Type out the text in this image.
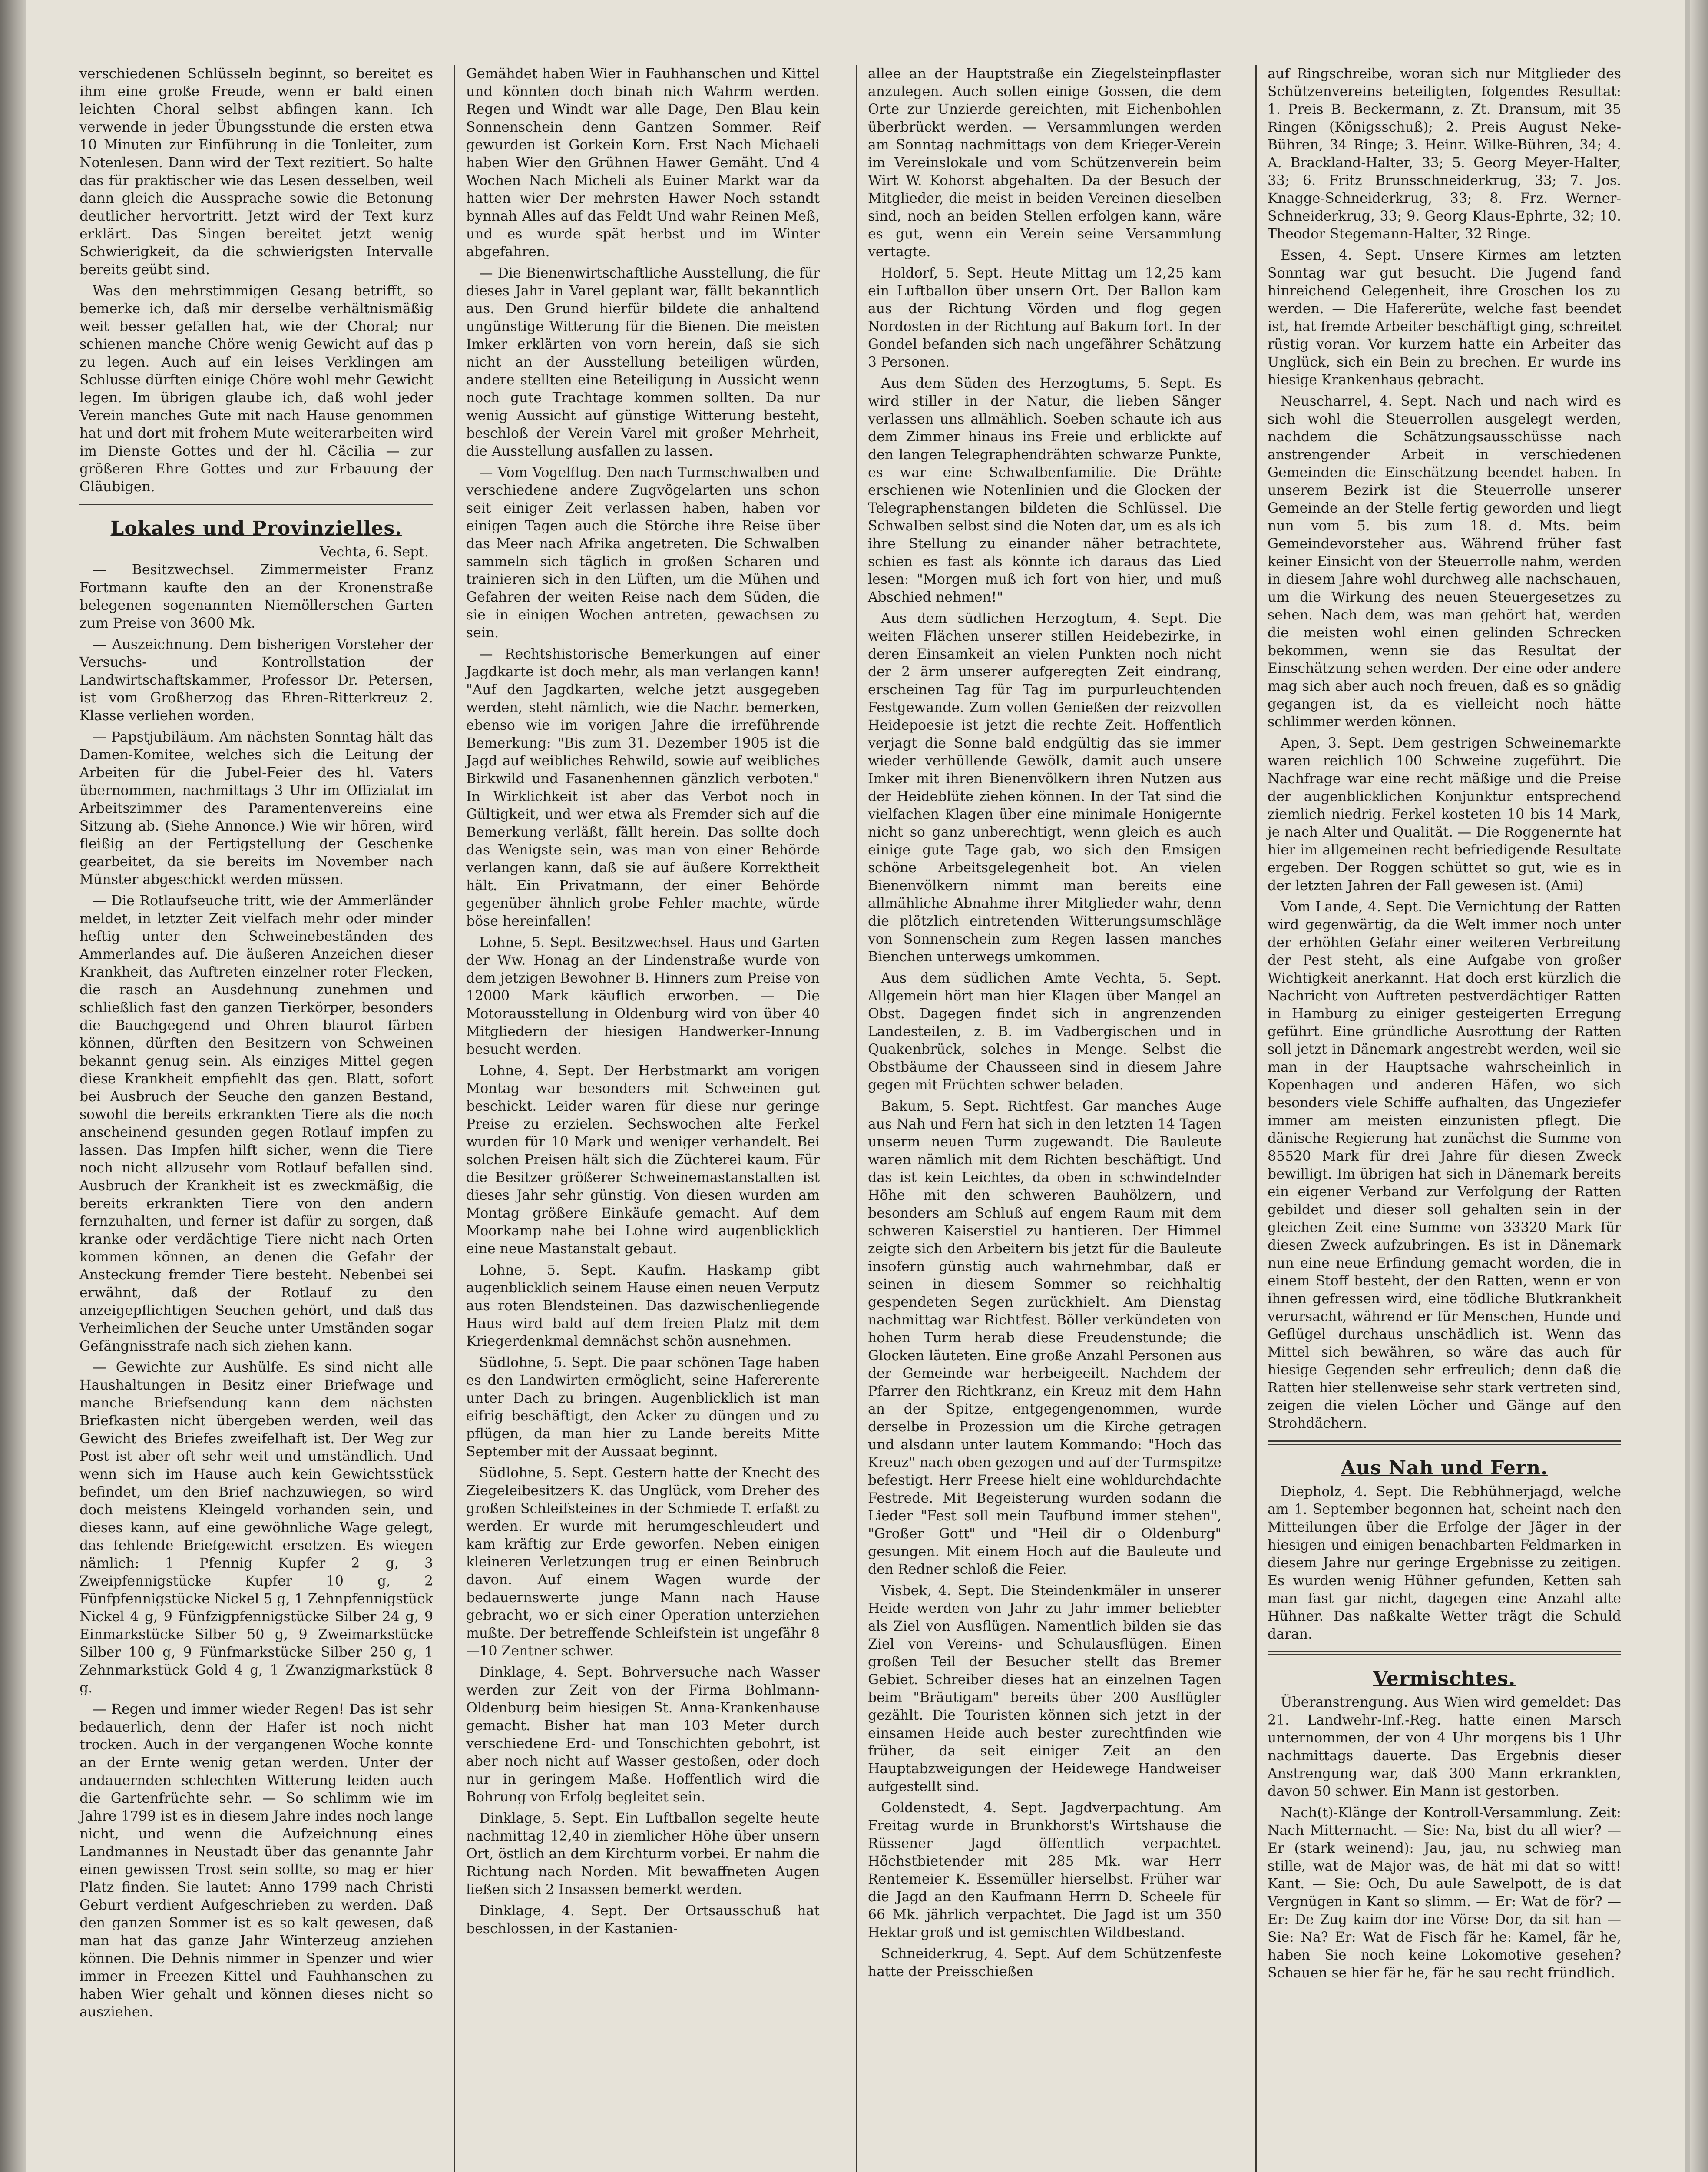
verschiedenen Schlüsseln beginnt, so bereitet es ihm eine große Freude, wenn er bald einen leichten Choral selbst abfingen kann. Ich verwende in jeder Übungsstunde die ersten etwa 10 Minuten zur Einführung in die Tonleiter, zum Notenlesen. Dann wird der Text rezitiert. So halte das für praktischer wie das Lesen desselben, weil dann gleich die Aussprache sowie die Betonung deutlicher hervortritt. Jetzt wird der Text kurz erklärt. Das Singen bereitet jetzt wenig Schwierigkeit, da die schwierigsten Intervalle bereits geübt sind.

Was den mehrstimmigen Gesang betrifft, so bemerke ich, daß mir derselbe verhältnismäßig weit besser gefallen hat, wie der Choral; nur schienen manche Chöre wenig Gewicht auf das p zu legen. Auch auf ein leises Verklingen am Schlusse dürften einige Chöre wohl mehr Gewicht legen. Im übrigen glaube ich, daß wohl jeder Verein manches Gute mit nach Hause genommen hat und dort mit frohem Mute weiterarbeiten wird im Dienste Gottes und der hl. Cäcilia — zur größeren Ehre Gottes und zur Erbauung der Gläubigen.

Lokales und Provinzielles.
Vechta, 6. Sept.

— Besitzwechsel. Zimmermeister Franz Fortmann kaufte den an der Kronenstraße belegenen sogenannten Niemöllerschen Garten zum Preise von 3600 Mk.

— Auszeichnung. Dem bisherigen Vorsteher der Versuchs- und Kontrollstation der Landwirtschaftskammer, Professor Dr. Petersen, ist vom Großherzog das Ehren-Ritterkreuz 2. Klasse verliehen worden.

— Papstjubiläum. Am nächsten Sonntag hält das Damen-Komitee, welches sich die Leitung der Arbeiten für die Jubel-Feier des hl. Vaters übernommen, nachmittags 3 Uhr im Offizialat im Arbeitszimmer des Paramentenvereins eine Sitzung ab. (Siehe Annonce.) Wie wir hören, wird fleißig an der Fertigstellung der Geschenke gearbeitet, da sie bereits im November nach Münster abgeschickt werden müssen.

— Die Rotlaufseuche tritt, wie der Ammerländer meldet, in letzter Zeit vielfach mehr oder minder heftig unter den Schweinebeständen des Ammerlandes auf. Die äußeren Anzeichen dieser Krankheit, das Auftreten einzelner roter Flecken, die rasch an Ausdehnung zunehmen und schließlich fast den ganzen Tierkörper, besonders die Bauchgegend und Ohren blaurot färben können, dürften den Besitzern von Schweinen bekannt genug sein. Als einziges Mittel gegen diese Krankheit empfiehlt das gen. Blatt, sofort bei Ausbruch der Seuche den ganzen Bestand, sowohl die bereits erkrankten Tiere als die noch anscheinend gesunden gegen Rotlauf impfen zu lassen. Das Impfen hilft sicher, wenn die Tiere noch nicht allzusehr vom Rotlauf befallen sind. Ausbruch der Krankheit ist es zweckmäßig, die bereits erkrankten Tiere von den andern fernzuhalten, und ferner ist dafür zu sorgen, daß kranke oder verdächtige Tiere nicht nach Orten kommen können, an denen die Gefahr der Ansteckung fremder Tiere besteht. Nebenbei sei erwähnt, daß der Rotlauf zu den anzeigepflichtigen Seuchen gehört, und daß das Verheimlichen der Seuche unter Umständen sogar Gefängnisstrafe nach sich ziehen kann.

— Gewichte zur Aushülfe. Es sind nicht alle Haushaltungen in Besitz einer Briefwage und manche Briefsendung kann dem nächsten Briefkasten nicht übergeben werden, weil das Gewicht des Briefes zweifelhaft ist. Der Weg zur Post ist aber oft sehr weit und umständlich. Und wenn sich im Hause auch kein Gewichtsstück befindet, um den Brief nachzuwiegen, so wird doch meistens Kleingeld vorhanden sein, und dieses kann, auf eine gewöhnliche Wage gelegt, das fehlende Briefgewicht ersetzen. Es wiegen nämlich: 1 Pfennig Kupfer 2 g, 3 Zweipfennigstücke Kupfer 10 g, 2 Fünfpfennigstücke Nickel 5 g, 1 Zehnpfennigstück Nickel 4 g, 9 Fünfzigpfennigstücke Silber 24 g, 9 Einmarkstücke Silber 50 g, 9 Zweimarkstücke Silber 100 g, 9 Fünfmarkstücke Silber 250 g, 1 Zehnmarkstück Gold 4 g, 1 Zwanzigmarkstück 8 g.

— Regen und immer wieder Regen! Das ist sehr bedauerlich, denn der Hafer ist noch nicht trocken. Auch in der vergangenen Woche konnte an der Ernte wenig getan werden. Unter der andauernden schlechten Witterung leiden auch die Gartenfrüchte sehr. — So schlimm wie im Jahre 1799 ist es in diesem Jahre indes noch lange nicht, und wenn die Aufzeichnung eines Landmannes in Neustadt über das genannte Jahr einen gewissen Trost sein sollte, so mag er hier Platz finden. Sie lautet: Anno 1799 nach Christi Geburt verdient Aufgeschrieben zu werden. Daß den ganzen Sommer ist es so kalt gewesen, daß man hat das ganze Jahr Winterzeug anziehen können. Die Dehnis nimmer in Spenzer und wier immer in Freezen Kittel und Fauhhanschen zu haben Wier gehalt und können dieses nicht so ausziehen.

Gemähdet haben Wier in Fauhhanschen und Kittel und könnten doch binah nich Wahrm werden. Regen und Windt war alle Dage, Den Blau kein Sonnenschein denn Gantzen Sommer. Reif gewurden ist Gorkein Korn. Erst Nach Michaeli haben Wier den Grühnen Hawer Gemäht. Und 4 Wochen Nach Micheli als Euiner Markt war da hatten wier Der mehrsten Hawer Noch sstandt bynnah Alles auf das Feldt Und wahr Reinen Meß, und es wurde spät herbst und im Winter abgefahren.

— Die Bienenwirtschaftliche Ausstellung, die für dieses Jahr in Varel geplant war, fällt bekanntlich aus. Den Grund hierfür bildete die anhaltend ungünstige Witterung für die Bienen. Die meisten Imker erklärten von vorn herein, daß sie sich nicht an der Ausstellung beteiligen würden, andere stellten eine Beteiligung in Aussicht wenn noch gute Trachtage kommen sollten. Da nur wenig Aussicht auf günstige Witterung besteht, beschloß der Verein Varel mit großer Mehrheit, die Ausstellung ausfallen zu lassen.

— Vom Vogelflug. Den nach Turmschwalben und verschiedene andere Zugvögelarten uns schon seit einiger Zeit verlassen haben, haben vor einigen Tagen auch die Störche ihre Reise über das Meer nach Afrika angetreten. Die Schwalben sammeln sich täglich in großen Scharen und trainieren sich in den Lüften, um die Mühen und Gefahren der weiten Reise nach dem Süden, die sie in einigen Wochen antreten, gewachsen zu sein.

— Rechtshistorische Bemerkungen auf einer Jagdkarte ist doch mehr, als man verlangen kann! "Auf den Jagdkarten, welche jetzt ausgegeben werden, steht nämlich, wie die Nachr. bemerken, ebenso wie im vorigen Jahre die irreführende Bemerkung: "Bis zum 31. Dezember 1905 ist die Jagd auf weibliches Rehwild, sowie auf weibliches Birkwild und Fasanenhennen gänzlich verboten." In Wirklichkeit ist aber das Verbot noch in Gültigkeit, und wer etwa als Fremder sich auf die Bemerkung verläßt, fällt herein. Das sollte doch das Wenigste sein, was man von einer Behörde verlangen kann, daß sie auf äußere Korrektheit hält. Ein Privatmann, der einer Behörde gegenüber ähnlich grobe Fehler machte, würde böse hereinfallen!

Lohne, 5. Sept. Besitzwechsel. Haus und Garten der Ww. Honag an der Lindenstraße wurde von dem jetzigen Bewohner B. Hinners zum Preise von 12000 Mark käuflich erworben. — Die Motorausstellung in Oldenburg wird von über 40 Mitgliedern der hiesigen Handwerker-Innung besucht werden.

Lohne, 4. Sept. Der Herbstmarkt am vorigen Montag war besonders mit Schweinen gut beschickt. Leider waren für diese nur geringe Preise zu erzielen. Sechswochen alte Ferkel wurden für 10 Mark und weniger verhandelt. Bei solchen Preisen hält sich die Züchterei kaum. Für die Besitzer größerer Schweinemastanstalten ist dieses Jahr sehr günstig. Von diesen wurden am Montag größere Einkäufe gemacht. Auf dem Moorkamp nahe bei Lohne wird augenblicklich eine neue Mastanstalt gebaut.

Lohne, 5. Sept. Kaufm. Haskamp gibt augenblicklich seinem Hause einen neuen Verputz aus roten Blendsteinen. Das dazwischenliegende Haus wird bald auf dem freien Platz mit dem Kriegerdenkmal demnächst schön ausnehmen.

Südlohne, 5. Sept. Die paar schönen Tage haben es den Landwirten ermöglicht, seine Hafererente unter Dach zu bringen. Augenblicklich ist man eifrig beschäftigt, den Acker zu düngen und zu pflügen, da man hier zu Lande bereits Mitte September mit der Aussaat beginnt.

Südlohne, 5. Sept. Gestern hatte der Knecht des Ziegeleibesitzers K. das Unglück, vom Dreher des großen Schleifsteines in der Schmiede T. erfaßt zu werden. Er wurde mit herumgeschleudert und kam kräftig zur Erde geworfen. Neben einigen kleineren Verletzungen trug er einen Beinbruch davon. Auf einem Wagen wurde der bedauernswerte junge Mann nach Hause gebracht, wo er sich einer Operation unterziehen mußte. Der betreffende Schleifstein ist ungefähr 8—10 Zentner schwer.

Dinklage, 4. Sept. Bohrversuche nach Wasser werden zur Zeit von der Firma Bohlmann-Oldenburg beim hiesigen St. Anna-Krankenhause gemacht. Bisher hat man 103 Meter durch verschiedene Erd- und Tonschichten gebohrt, ist aber noch nicht auf Wasser gestoßen, oder doch nur in geringem Maße. Hoffentlich wird die Bohrung von Erfolg begleitet sein.

Dinklage, 5. Sept. Ein Luftballon segelte heute nachmittag 12,40 in ziemlicher Höhe über unsern Ort, östlich an dem Kirchturm vorbei. Er nahm die Richtung nach Norden. Mit bewaffneten Augen ließen sich 2 Insassen bemerkt werden.

Dinklage, 4. Sept. Der Ortsausschuß hat beschlossen, in der Kastanien-

allee an der Hauptstraße ein Ziegelsteinpflaster anzulegen. Auch sollen einige Gossen, die dem Orte zur Unzierde gereichten, mit Eichenbohlen überbrückt werden. — Versammlungen werden am Sonntag nachmittags von dem Krieger-Verein im Vereinslokale und vom Schützenverein beim Wirt W. Kohorst abgehalten. Da der Besuch der Mitglieder, die meist in beiden Vereinen dieselben sind, noch an beiden Stellen erfolgen kann, wäre es gut, wenn ein Verein seine Versammlung vertagte.

Holdorf, 5. Sept. Heute Mittag um 12,25 kam ein Luftballon über unsern Ort. Der Ballon kam aus der Richtung Vörden und flog gegen Nordosten in der Richtung auf Bakum fort. In der Gondel befanden sich nach ungefährer Schätzung 3 Personen.

Aus dem Süden des Herzogtums, 5. Sept. Es wird stiller in der Natur, die lieben Sänger verlassen uns allmählich. Soeben schaute ich aus dem Zimmer hinaus ins Freie und erblickte auf den langen Telegraphendrähten schwarze Punkte, es war eine Schwalbenfamilie. Die Drähte erschienen wie Notenlinien und die Glocken der Telegraphenstangen bildeten die Schlüssel. Die Schwalben selbst sind die Noten dar, um es als ich ihre Stellung zu einander näher betrachtete, schien es fast als könnte ich daraus das Lied lesen: "Morgen muß ich fort von hier, und muß Abschied nehmen!"

Aus dem südlichen Herzogtum, 4. Sept. Die weiten Flächen unserer stillen Heidebezirke, in deren Einsamkeit an vielen Punkten noch nicht der 2 ärm unserer aufgeregten Zeit eindrang, erscheinen Tag für Tag im purpurleuchtenden Festgewande. Zum vollen Genießen der reizvollen Heidepoesie ist jetzt die rechte Zeit. Hoffentlich verjagt die Sonne bald endgültig das sie immer wieder verhüllende Gewölk, damit auch unsere Imker mit ihren Bienenvölkern ihren Nutzen aus der Heideblüte ziehen können. In der Tat sind die vielfachen Klagen über eine minimale Honigernte nicht so ganz unberechtigt, wenn gleich es auch einige gute Tage gab, wo sich den Emsigen schöne Arbeitsgelegenheit bot. An vielen Bienenvölkern nimmt man bereits eine allmähliche Abnahme ihrer Mitglieder wahr, denn die plötzlich eintretenden Witterungsumschläge von Sonnenschein zum Regen lassen manches Bienchen unterwegs umkommen.

Aus dem südlichen Amte Vechta, 5. Sept. Allgemein hört man hier Klagen über Mangel an Obst. Dagegen findet sich in angrenzenden Landesteilen, z. B. im Vadbergischen und in Quakenbrück, solches in Menge. Selbst die Obstbäume der Chausseen sind in diesem Jahre gegen mit Früchten schwer beladen.

Bakum, 5. Sept. Richtfest. Gar manches Auge aus Nah und Fern hat sich in den letzten 14 Tagen unserm neuen Turm zugewandt. Die Bauleute waren nämlich mit dem Richten beschäftigt. Und das ist kein Leichtes, da oben in schwindelnder Höhe mit den schweren Bauhölzern, und besonders am Schluß auf engem Raum mit dem schweren Kaiserstiel zu hantieren. Der Himmel zeigte sich den Arbeitern bis jetzt für die Bauleute insofern günstig auch wahrnehmbar, daß er seinen in diesem Sommer so reichhaltig gespendeten Segen zurückhielt. Am Dienstag nachmittag war Richtfest. Böller verkündeten von hohen Turm herab diese Freudenstunde; die Glocken läuteten. Eine große Anzahl Personen aus der Gemeinde war herbeigeeilt. Nachdem der Pfarrer den Richtkranz, ein Kreuz mit dem Hahn an der Spitze, entgegengenommen, wurde derselbe in Prozession um die Kirche getragen und alsdann unter lautem Kommando: "Hoch das Kreuz" nach oben gezogen und auf der Turmspitze befestigt. Herr Freese hielt eine wohldurchdachte Festrede. Mit Begeisterung wurden sodann die Lieder "Fest soll mein Taufbund immer stehen", "Großer Gott" und "Heil dir o Oldenburg" gesungen. Mit einem Hoch auf die Bauleute und den Redner schloß die Feier.

Visbek, 4. Sept. Die Steindenkmäler in unserer Heide werden von Jahr zu Jahr immer beliebter als Ziel von Ausflügen. Namentlich bilden sie das Ziel von Vereins- und Schulausflügen. Einen großen Teil der Besucher stellt das Bremer Gebiet. Schreiber dieses hat an einzelnen Tagen beim "Bräutigam" bereits über 200 Ausflügler gezählt. Die Touristen können sich jetzt in der einsamen Heide auch bester zurechtfinden wie früher, da seit einiger Zeit an den Hauptabzweigungen der Heidewege Handweiser aufgestellt sind.

Goldenstedt, 4. Sept. Jagdverpachtung. Am Freitag wurde in Brunkhorst's Wirtshause die Rüssener Jagd öffentlich verpachtet. Höchstbietender mit 285 Mk. war Herr Rentemeier K. Essemüller hierselbst. Früher war die Jagd an den Kaufmann Herrn D. Scheele für 66 Mk. jährlich verpachtet. Die Jagd ist um 350 Hektar groß und ist gemischten Wildbestand.

Schneiderkrug, 4. Sept. Auf dem Schützenfeste hatte der Preisschießen

auf Ringschreibe, woran sich nur Mitglieder des Schützenvereins beteiligten, folgendes Resultat: 1. Preis B. Beckermann, z. Zt. Dransum, mit 35 Ringen (Königsschuß); 2. Preis August Neke-Bühren, 34 Ringe; 3. Heinr. Wilke-Bühren, 34; 4. A. Brackland-Halter, 33; 5. Georg Meyer-Halter, 33; 6. Fritz Brunsschneiderkrug, 33; 7. Jos. Knagge-Schneiderkrug, 33; 8. Frz. Werner-Schneiderkrug, 33; 9. Georg Klaus-Ephrte, 32; 10. Theodor Stegemann-Halter, 32 Ringe.

Essen, 4. Sept. Unsere Kirmes am letzten Sonntag war gut besucht. Die Jugend fand hinreichend Gelegenheit, ihre Groschen los zu werden. — Die Hafererüte, welche fast beendet ist, hat fremde Arbeiter beschäftigt ging, schreitet rüstig voran. Vor kurzem hatte ein Arbeiter das Unglück, sich ein Bein zu brechen. Er wurde ins hiesige Krankenhaus gebracht.

Neuscharrel, 4. Sept. Nach und nach wird es sich wohl die Steuerrollen ausgelegt werden, nachdem die Schätzungsausschüsse nach anstrengender Arbeit in verschiedenen Gemeinden die Einschätzung beendet haben. In unserem Bezirk ist die Steuerrolle unserer Gemeinde an der Stelle fertig geworden und liegt nun vom 5. bis zum 18. d. Mts. beim Gemeindevorsteher aus. Während früher fast keiner Einsicht von der Steuerrolle nahm, werden in diesem Jahre wohl durchweg alle nachschauen, um die Wirkung des neuen Steuergesetzes zu sehen. Nach dem, was man gehört hat, werden die meisten wohl einen gelinden Schrecken bekommen, wenn sie das Resultat der Einschätzung sehen werden. Der eine oder andere mag sich aber auch noch freuen, daß es so gnädig gegangen ist, da es vielleicht noch hätte schlimmer werden können.

Apen, 3. Sept. Dem gestrigen Schweinemarkte waren reichlich 100 Schweine zugeführt. Die Nachfrage war eine recht mäßige und die Preise der augenblicklichen Konjunktur entsprechend ziemlich niedrig. Ferkel kosteten 10 bis 14 Mark, je nach Alter und Qualität. — Die Roggenernte hat hier im allgemeinen recht befriedigende Resultate ergeben. Der Roggen schüttet so gut, wie es in der letzten Jahren der Fall gewesen ist. (Ami)

Vom Lande, 4. Sept. Die Vernichtung der Ratten wird gegenwärtig, da die Welt immer noch unter der erhöhten Gefahr einer weiteren Verbreitung der Pest steht, als eine Aufgabe von großer Wichtigkeit anerkannt. Hat doch erst kürzlich die Nachricht von Auftreten pestverdächtiger Ratten in Hamburg zu einiger gesteigerten Erregung geführt. Eine gründliche Ausrottung der Ratten soll jetzt in Dänemark angestrebt werden, weil sie man in der Hauptsache wahrscheinlich in Kopenhagen und anderen Häfen, wo sich besonders viele Schiffe aufhalten, das Ungeziefer immer am meisten einzunisten pflegt. Die dänische Regierung hat zunächst die Summe von 85520 Mark für drei Jahre für diesen Zweck bewilligt. Im übrigen hat sich in Dänemark bereits ein eigener Verband zur Verfolgung der Ratten gebildet und dieser soll gehalten sein in der gleichen Zeit eine Summe von 33320 Mark für diesen Zweck aufzubringen. Es ist in Dänemark nun eine neue Erfindung gemacht worden, die in einem Stoff besteht, der den Ratten, wenn er von ihnen gefressen wird, eine tödliche Blutkrankheit verursacht, während er für Menschen, Hunde und Geflügel durchaus unschädlich ist. Wenn das Mittel sich bewähren, so wäre das auch für hiesige Gegenden sehr erfreulich; denn daß die Ratten hier stellenweise sehr stark vertreten sind, zeigen die vielen Löcher und Gänge auf den Strohdächern.

Aus Nah und Fern.

Diepholz, 4. Sept. Die Rebhühnerjagd, welche am 1. September begonnen hat, scheint nach den Mitteilungen über die Erfolge der Jäger in der hiesigen und einigen benachbarten Feldmarken in diesem Jahre nur geringe Ergebnisse zu zeitigen. Es wurden wenig Hühner gefunden, Ketten sah man fast gar nicht, dagegen eine Anzahl alte Hühner. Das naßkalte Wetter trägt die Schuld daran.

Vermischtes.

Überanstrengung. Aus Wien wird gemeldet: Das 21. Landwehr-Inf.-Reg. hatte einen Marsch unternommen, der von 4 Uhr morgens bis 1 Uhr nachmittags dauerte. Das Ergebnis dieser Anstrengung war, daß 300 Mann erkrankten, davon 50 schwer. Ein Mann ist gestorben.

Nach(t)-Klänge der Kontroll-Versammlung. Zeit: Nach Mitternacht. — Sie: Na, bist du all wier? — Er (stark weinend): Jau, jau, nu schwieg man stille, wat de Major was, de hät mi dat so witt! Kant. — Sie: Och, Du aule Sawelpott, de is dat Vergnügen in Kant so slimm. — Er: Wat de för? — Er: De Zug kaim dor ine Vörse Dor, da sit han — Sie: Na? Er: Wat de Fisch fär he: Kamel, fär he, haben Sie noch keine Lokomotive gesehen? Schauen se hier fär he, fär he sau recht fründlich.
